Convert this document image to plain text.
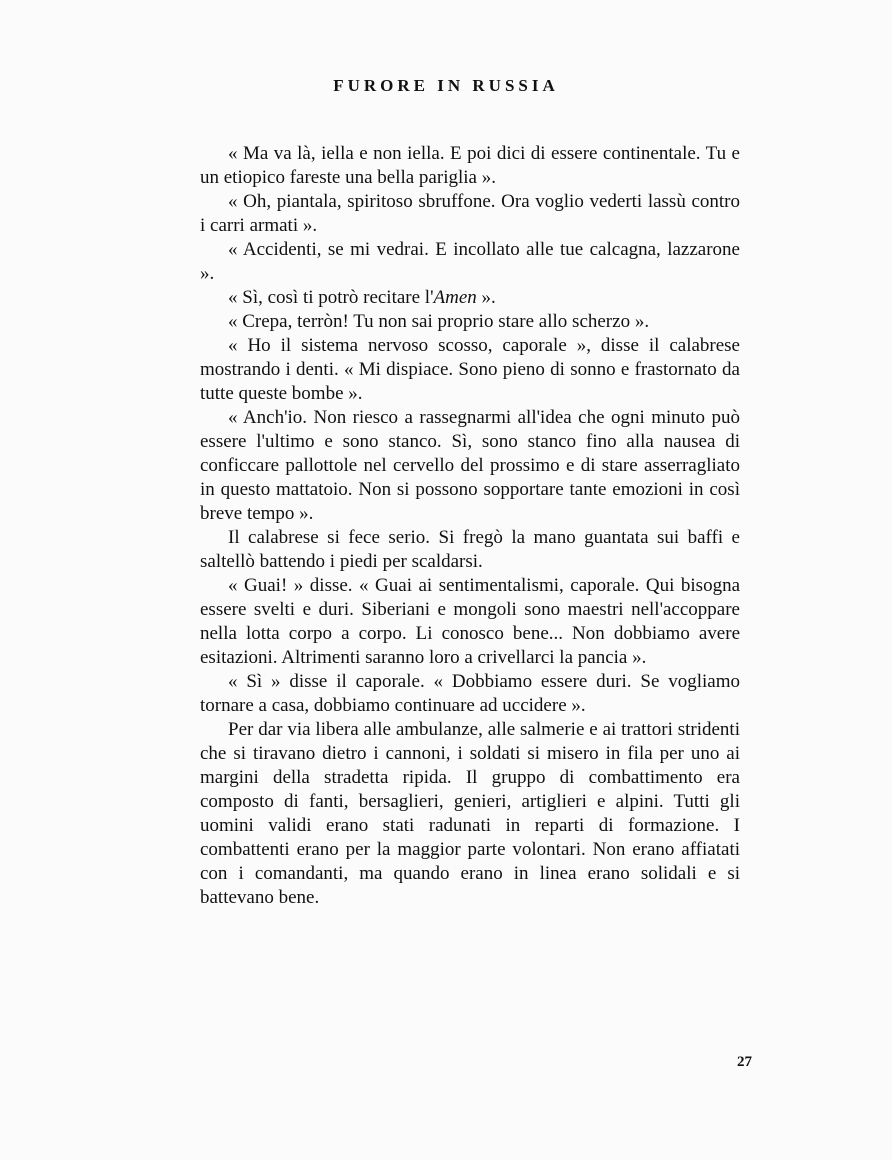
FURORE IN RUSSIA

« Ma va là, iella e non iella. E poi dici di essere continentale. Tu e un etiopico fareste una bella pariglia ».

« Oh, piantala, spiritoso sbruffone. Ora voglio vederti lassù contro i carri armati ».

« Accidenti, se mi vedrai. E incollato alle tue calcagna, lazzarone ».

« Sì, così ti potrò recitare l'Amen ».

« Crepa, terròn! Tu non sai proprio stare allo scherzo ».

« Ho il sistema nervoso scosso, caporale », disse il calabrese mostrando i denti. « Mi dispiace. Sono pieno di sonno e frastornato da tutte queste bombe ».

« Anch'io. Non riesco a rassegnarmi all'idea che ogni minuto può essere l'ultimo e sono stanco. Sì, sono stanco fino alla nausea di conficcare pallottole nel cervello del prossimo e di stare asserragliato in questo mattatoio. Non si possono sopportare tante emozioni in così breve tempo ».

Il calabrese si fece serio. Si fregò la mano guantata sui baffi e saltellò battendo i piedi per scaldarsi.

« Guai! » disse. « Guai ai sentimentalismi, caporale. Qui bisogna essere svelti e duri. Siberiani e mongoli sono maestri nell'accoppare nella lotta corpo a corpo. Li conosco bene... Non dobbiamo avere esitazioni. Altrimenti saranno loro a crivellarci la pancia ».

« Sì » disse il caporale. « Dobbiamo essere duri. Se vogliamo tornare a casa, dobbiamo continuare ad uccidere ».

Per dar via libera alle ambulanze, alle salmerie e ai trattori stridenti che si tiravano dietro i cannoni, i soldati si misero in fila per uno ai margini della stradetta ripida. Il gruppo di combattimento era composto di fanti, bersaglieri, genieri, artiglieri e alpini. Tutti gli uomini validi erano stati radunati in reparti di formazione. I combattenti erano per la maggior parte volontari. Non erano affiatati con i comandanti, ma quando erano in linea erano solidali e si battevano bene.

27
